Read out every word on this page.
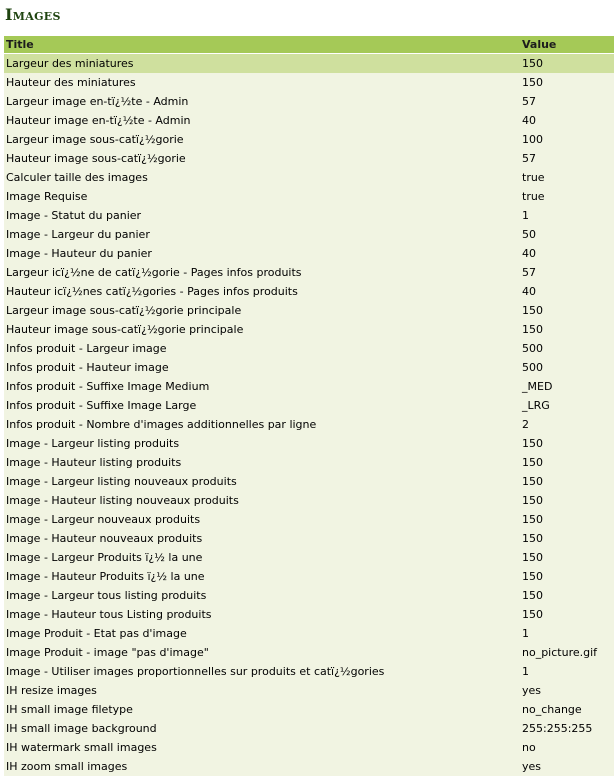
Images
Title	Value
Largeur des miniatures	150
Hauteur des miniatures	150
Largeur image en-tï¿½te - Admin	57
Hauteur image en-tï¿½te - Admin	40
Largeur image sous-catï¿½gorie	100
Hauteur image sous-catï¿½gorie	57
Calculer taille des images	true
Image Requise	true
Image - Statut du panier	1
Image - Largeur du panier	50
Image - Hauteur du panier	40
Largeur icï¿½ne de catï¿½gorie - Pages infos produits	57
Hauteur icï¿½nes catï¿½gories - Pages infos produits	40
Largeur image sous-catï¿½gorie principale	150
Hauteur image sous-catï¿½gorie principale	150
Infos produit - Largeur image	500
Infos produit - Hauteur image	500
Infos produit - Suffixe Image Medium	_MED
Infos produit - Suffixe Image Large	_LRG
Infos produit - Nombre d'images additionnelles par ligne	2
Image - Largeur listing produits	150
Image - Hauteur listing produits	150
Image - Largeur listing nouveaux produits	150
Image - Hauteur listing nouveaux produits	150
Image - Largeur nouveaux produits	150
Image - Hauteur nouveaux produits	150
Image - Largeur Produits ï¿½ la une	150
Image - Hauteur Produits ï¿½ la une	150
Image - Largeur tous listing produits	150
Image - Hauteur tous Listing produits	150
Image Produit - Etat pas d'image	1
Image Produit - image "pas d'image"	no_picture.gif
Image - Utiliser images proportionnelles sur produits et catï¿½gories	1
IH resize images	yes
IH small image filetype	no_change
IH small image background	255:255:255
IH watermark small images	no
IH zoom small images	yes
